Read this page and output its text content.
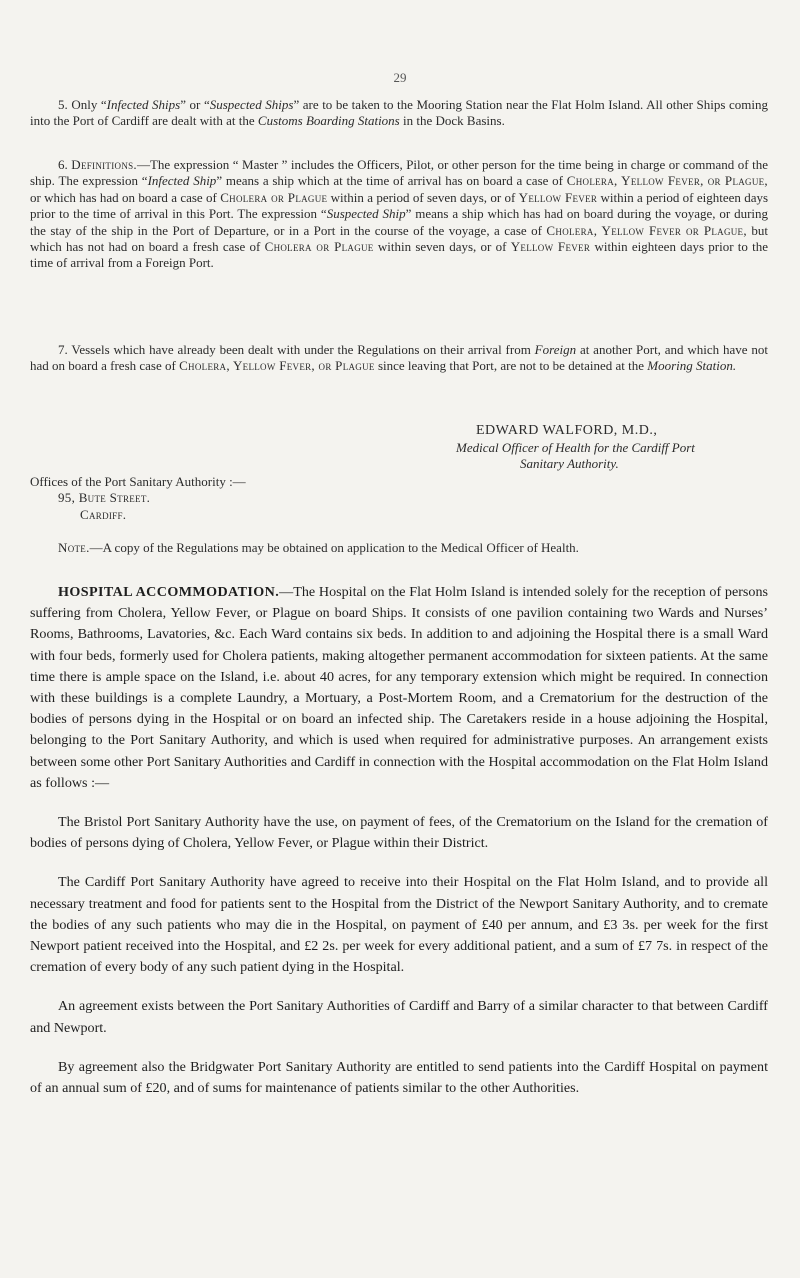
29
5. Only “Infected Ships” or “Suspected Ships” are to be taken to the Mooring Station near the Flat Holm Island. All other Ships coming into the Port of Cardiff are dealt with at the Customs Boarding Stations in the Dock Basins.
6. Definitions.—The expression “ Master ” includes the Officers, Pilot, or other person for the time being in charge or command of the ship. The expression “Infected Ship” means a ship which at the time of arrival has on board a case of Cholera, Yellow Fever, or Plague, or which has had on board a case of Cholera or Plague within a period of seven days, or of Yellow Fever within a period of eighteen days prior to the time of arrival in this Port. The expression “Suspected Ship” means a ship which has had on board during the voyage, or during the stay of the ship in the Port of Departure, or in a Port in the course of the voyage, a case of Cholera, Yellow Fever or Plague, but which has not had on board a fresh case of Cholera or Plague within seven days, or of Yellow Fever within eighteen days prior to the time of arrival from a Foreign Port.
7. Vessels which have already been dealt with under the Regulations on their arrival from Foreign at another Port, and which have not had on board a fresh case of Cholera, Yellow Fever, or Plague since leaving that Port, are not to be detained at the Mooring Station.
EDWARD WALFORD, M.D.,
Medical Officer of Health for the Cardiff Port
Sanitary Authority.
Offices of the Port Sanitary Authority :—
95, Bute Street.
Cardiff.
Note.—A copy of the Regulations may be obtained on application to the Medical Officer of Health.

HOSPITAL ACCOMMODATION.—The Hospital on the Flat Holm Island is intended solely for the reception of persons suffering from Cholera, Yellow Fever, or Plague on board Ships. It consists of one pavilion containing two Wards and Nurses’ Rooms, Bathrooms, Lavatories, &c. Each Ward contains six beds. In addition to and adjoining the Hospital there is a small Ward with four beds, formerly used for Cholera patients, making altogether permanent accommodation for sixteen patients. At the same time there is ample space on the Island, i.e. about 40 acres, for any temporary extension which might be required. In connection with these buildings is a complete Laundry, a Mortuary, a Post-Mortem Room, and a Crematorium for the destruction of the bodies of persons dying in the Hospital or on board an infected ship. The Caretakers reside in a house adjoining the Hospital, belonging to the Port Sanitary Authority, and which is used when required for administrative purposes. An arrangement exists between some other Port Sanitary Authorities and Cardiff in connection with the Hospital accommodation on the Flat Holm Island as follows :—

The Bristol Port Sanitary Authority have the use, on payment of fees, of the Crematorium on the Island for the cremation of bodies of persons dying of Cholera, Yellow Fever, or Plague within their District.

The Cardiff Port Sanitary Authority have agreed to receive into their Hospital on the Flat Holm Island, and to provide all necessary treatment and food for patients sent to the Hospital from the District of the Newport Sanitary Authority, and to cremate the bodies of any such patients who may die in the Hospital, on payment of £40 per annum, and £3 3s. per week for the first Newport patient received into the Hospital, and £2 2s. per week for every additional patient, and a sum of £7 7s. in respect of the cremation of every body of any such patient dying in the Hospital.

An agreement exists between the Port Sanitary Authorities of Cardiff and Barry of a similar character to that between Cardiff and Newport.

By agreement also the Bridgwater Port Sanitary Authority are entitled to send patients into the Cardiff Hospital on payment of an annual sum of £20, and of sums for maintenance of patients similar to the other Authorities.
